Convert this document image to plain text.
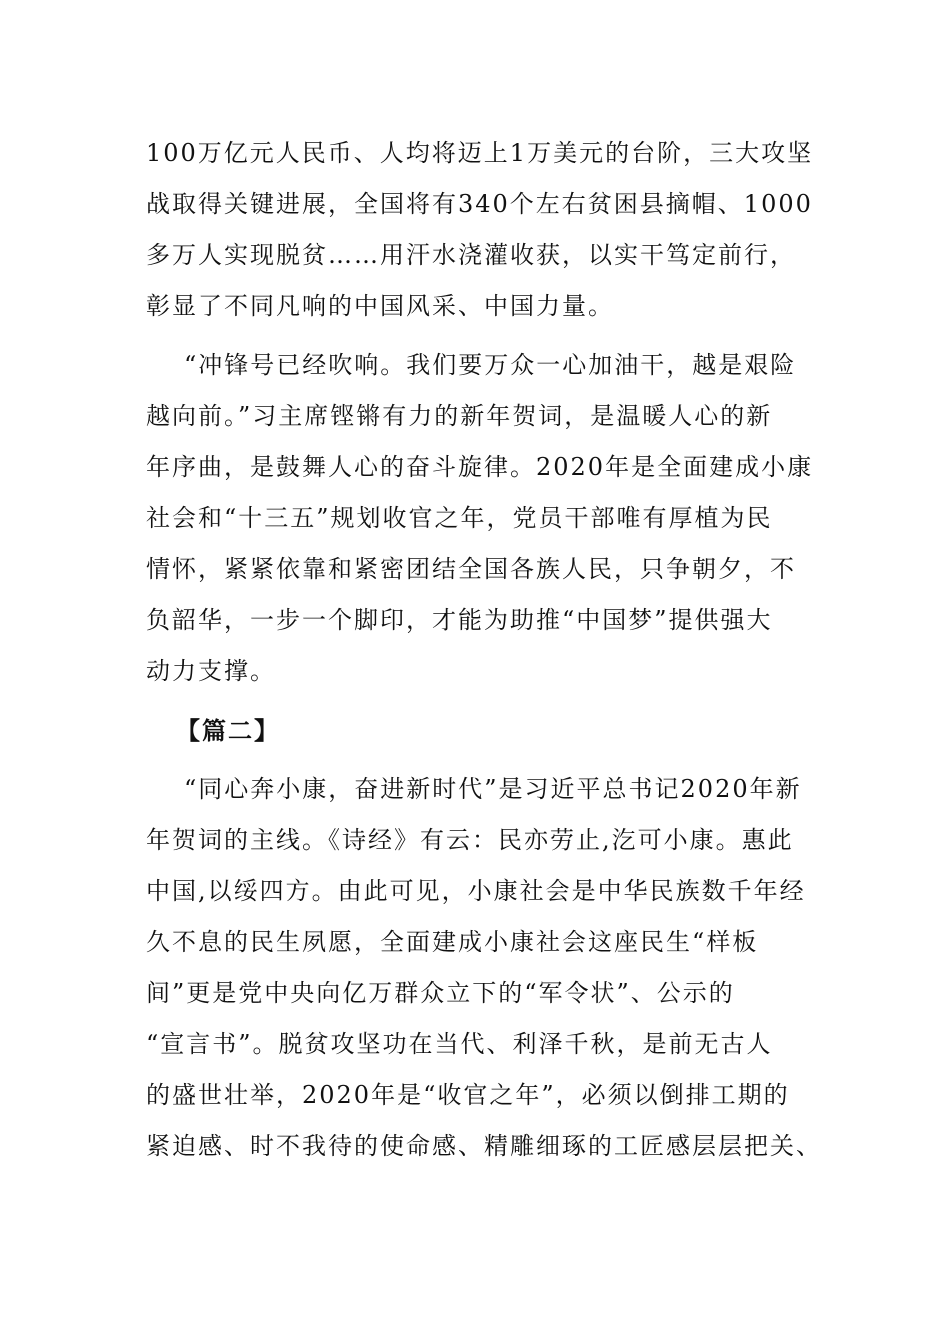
100万亿元人民币、人均将迈上1万美元的台阶，三大攻坚
战取得关键进展，全国将有340个左右贫困县摘帽、1000
多万人实现脱贫……用汗水浇灌收获，以实干笃定前行，
彰显了不同凡响的中国风采、中国力量。
“冲锋号已经吹响。我们要万众一心加油干，越是艰险
越向前。”习主席铿锵有力的新年贺词，是温暖人心的新
年序曲，是鼓舞人心的奋斗旋律。2020年是全面建成小康
社会和“十三五”规划收官之年，党员干部唯有厚植为民
情怀，紧紧依靠和紧密团结全国各族人民，只争朝夕，不
负韶华，一步一个脚印，才能为助推“中国梦”提供强大
动力支撑。
【篇二】
“同心奔小康，奋进新时代”是习近平总书记2020年新
年贺词的主线。《诗经》有云：民亦劳止,汔可小康。惠此
中国,以绥四方。由此可见，小康社会是中华民族数千年经
久不息的民生夙愿，全面建成小康社会这座民生“样板
间”更是党中央向亿万群众立下的“军令状”、公示的
“宣言书”。脱贫攻坚功在当代、利泽千秋，是前无古人
的盛世壮举，2020年是“收官之年”，必须以倒排工期的
紧迫感、时不我待的使命感、精雕细琢的工匠感层层把关、
